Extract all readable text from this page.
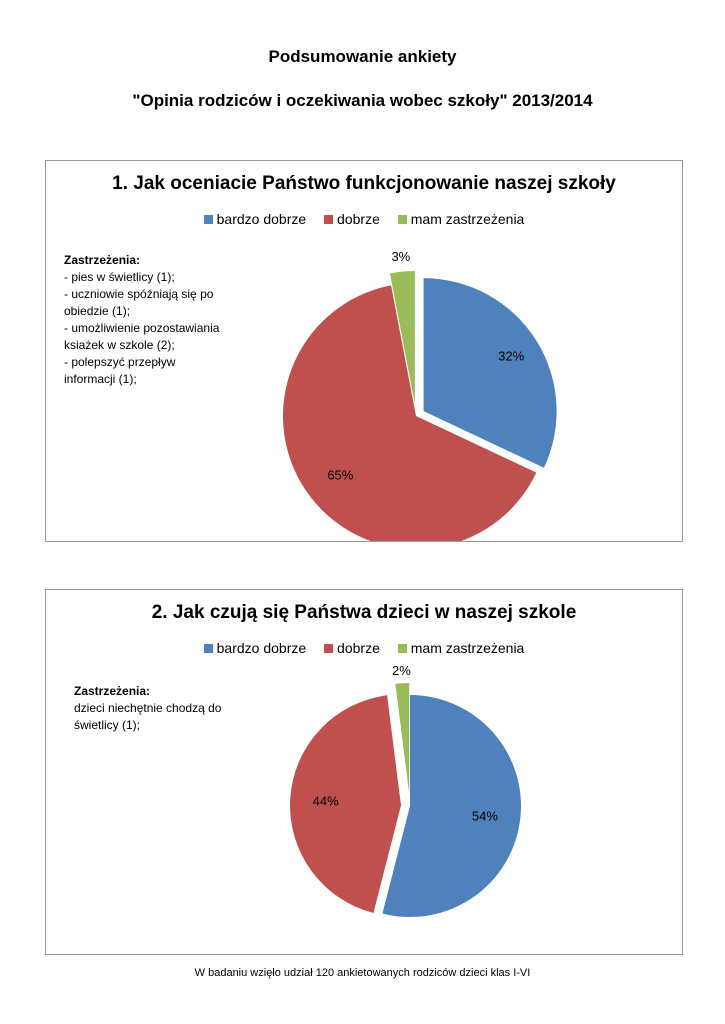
Podsumowanie ankiety
"Opinia rodziców i oczekiwania wobec szkoły" 2013/2014
1. Jak oceniacie Państwo funkcjonowanie naszej szkoły
bardzo dobrze dobrze mam zastrzeżenia
Zastrzeżenia:
- pies w świetlicy (1);
- uczniowie spóźniają się po obiedzie (1);
- umożliwienie pozostawiania ksiażek w szkole (2);
- polepszyć przepływ informacji (1);
32%
65%
3%
2. Jak czują się Państwa dzieci w naszej szkole
bardzo dobrze dobrze mam zastrzeżenia
Zastrzeżenia:
dzieci niechętnie chodzą do świetlicy (1);
54%
44%
2%
W badaniu wzięło udział 120 ankietowanych rodziców dzieci klas I-VI
